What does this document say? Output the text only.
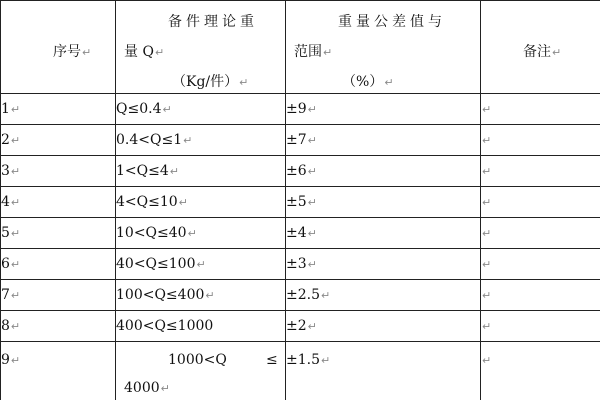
序号↵	备件理论重
量 Q↵
（Kg/件）↵	重量公差值与
范围↵
（%）↵	备注↵

1↵	Q≤0.4↵	±9↵	↵
2↵	0.4<Q≤1↵	±7↵	↵
3↵	1<Q≤4↵	±6↵	↵
4↵	4<Q≤10↵	±5↵	↵
5↵	10<Q≤40↵	±4↵	↵
6↵	40<Q≤100↵	±3↵	↵
7↵	100<Q≤400↵	±2.5↵	↵
8↵	400<Q≤1000	±2↵	↵
9↵	1000<Q ≤
4000↵	±1.5↵	↵
